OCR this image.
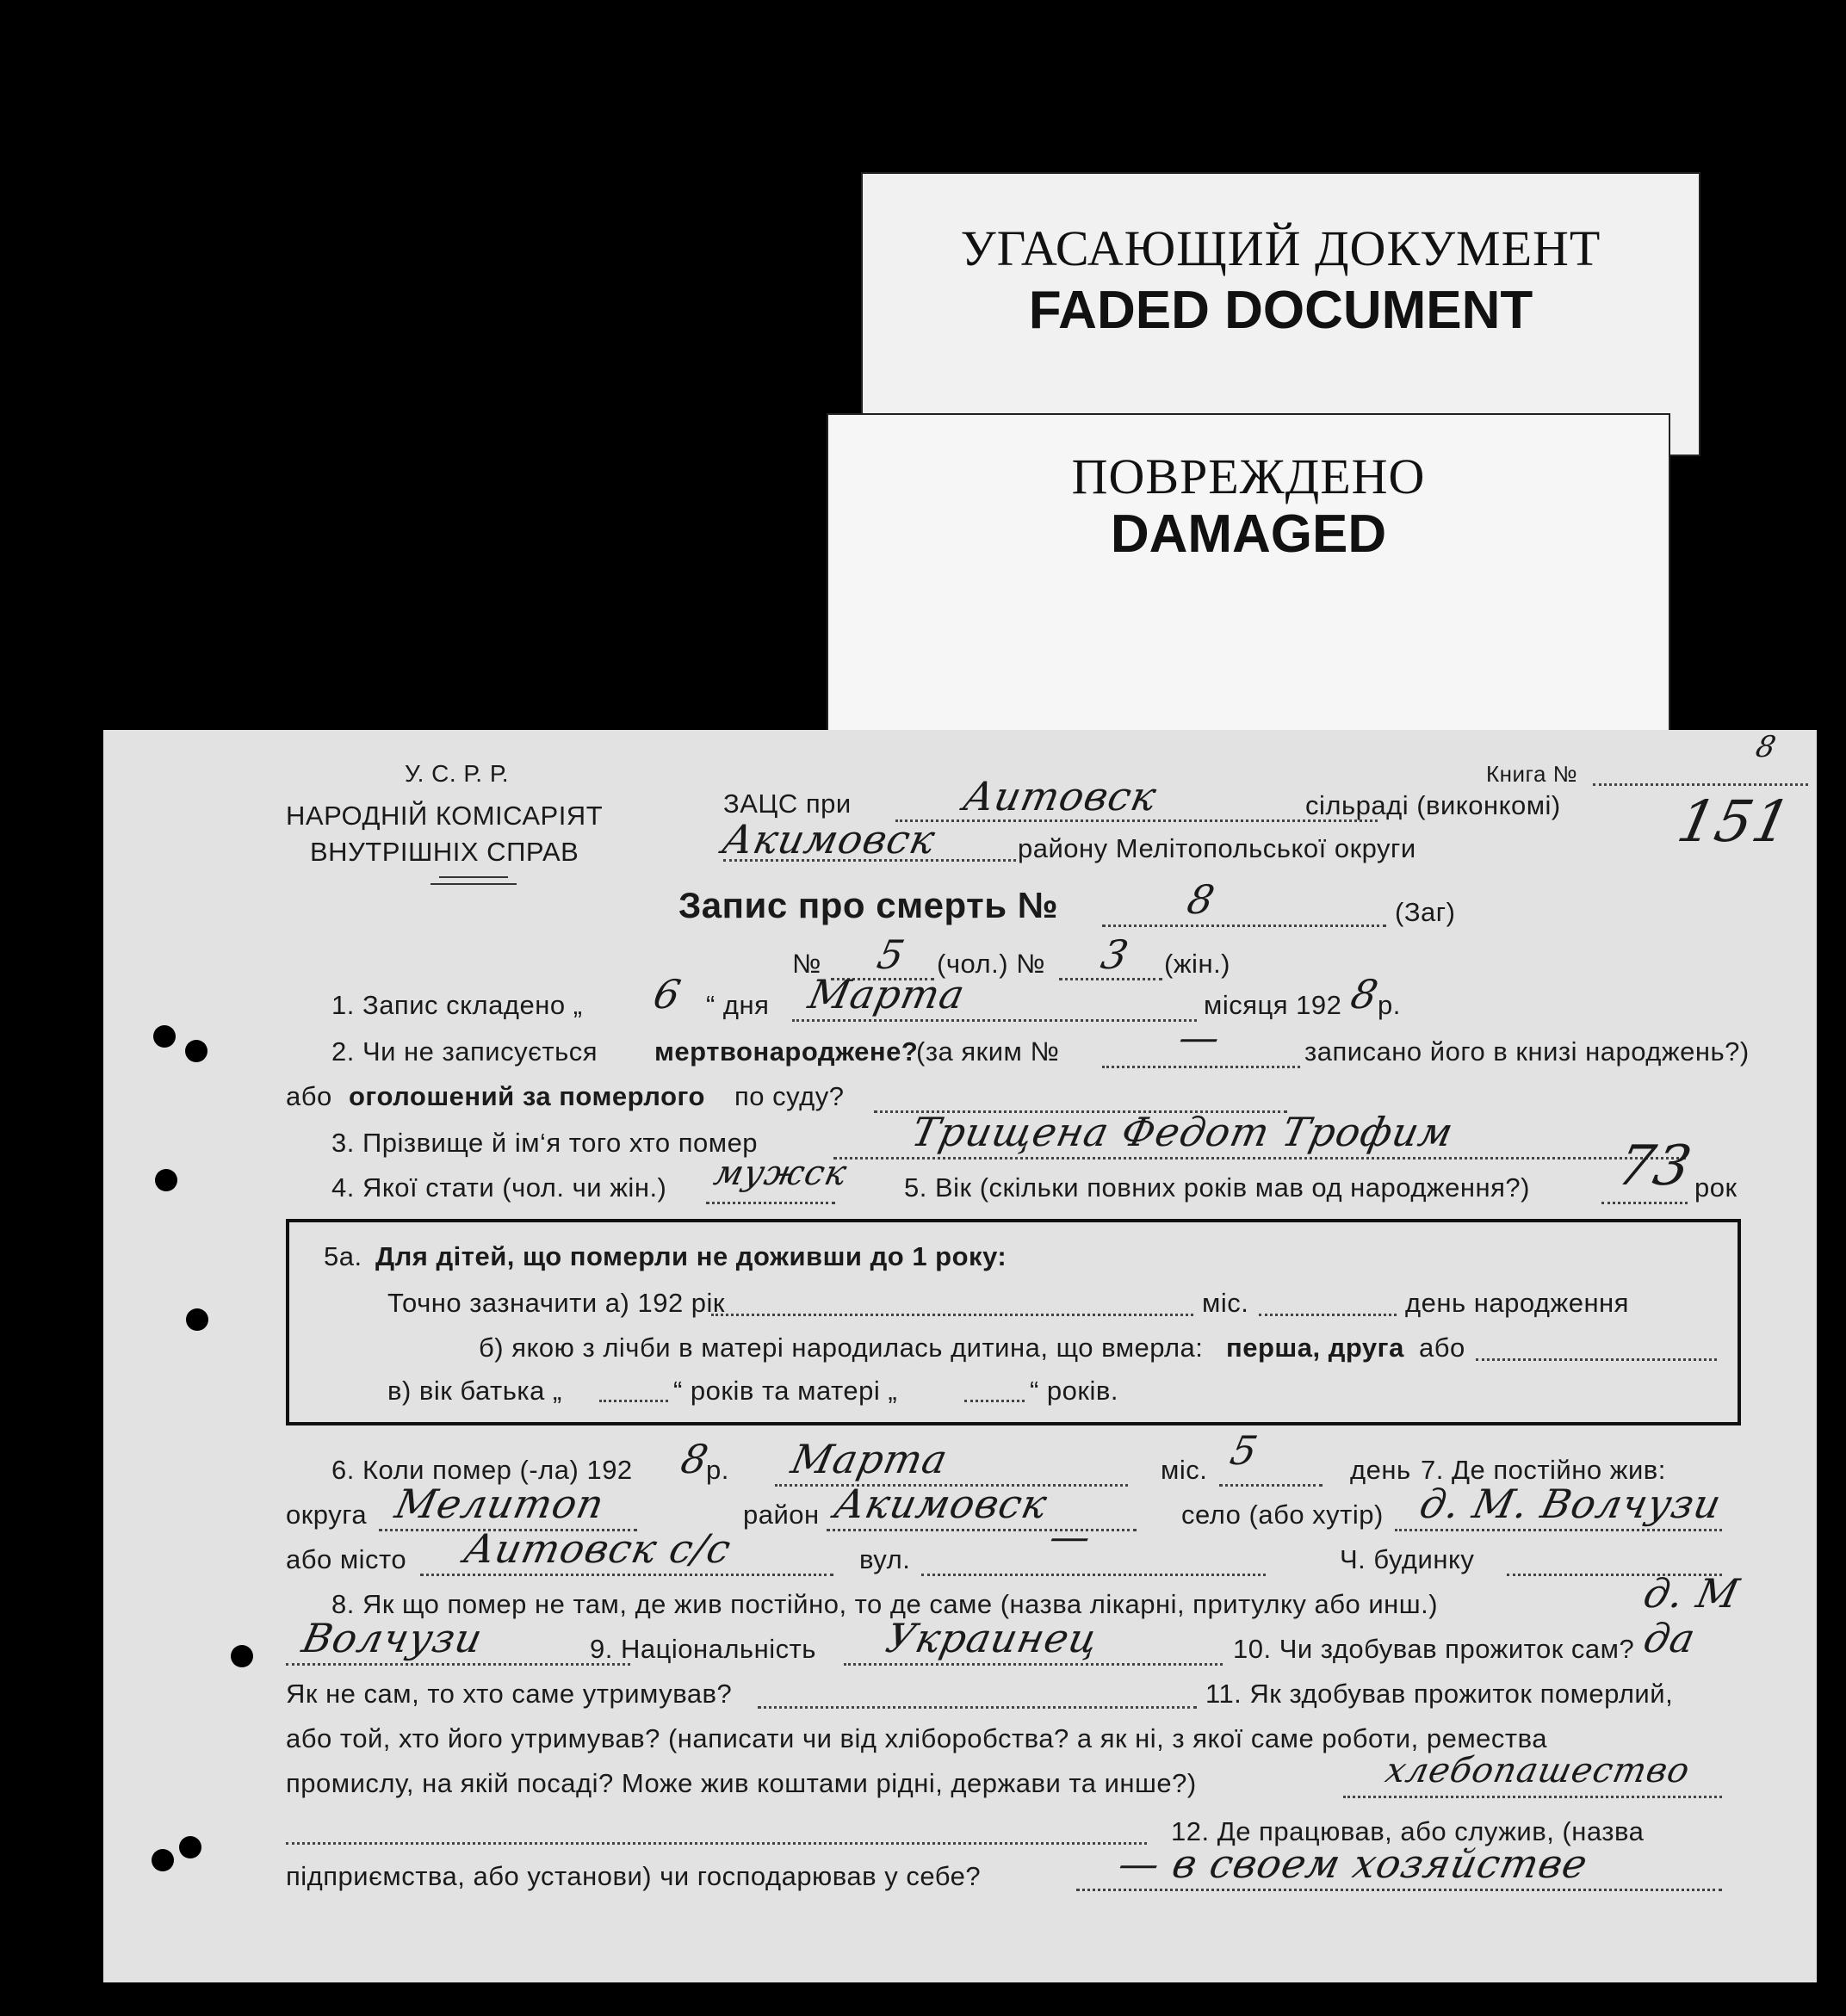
УГАСАЮЩИЙ ДОКУМЕНТ
FADED DOCUMENT
ПОВРЕЖДЕНО
DAMAGED
У. С. Р. Р.
НАРОДНІЙ КОМІСАРІЯТ
ВНУТРІШНІХ СПРАВ
ЗАЦС при	Аитовск	сільраді (виконкомі)
Акимовск	району Мелітопольської округи
Книга №
8
151
Запис про смерть №	8	(Заг)
№ 5 (чол.) № 3 (жін.)
1. Запис складено „ 6 “ дня Марта	місяця 192 8
р.
2. Чи не записується мертвонароджене?
(за яким №	—	записано його в книзі народжень?)
або оголошений за померлого по суду?
3. Прізвище й ім‘я того хто помер	Трищена Федот Трофим
4. Якої стати (чол. чи жін.) мужск 5. Вік (скільки повних років мав од народження?) 73
рок
5а. Для дітей, що померли не доживши до 1 року:
Точно зазначити а) 192 рік	міс.	день народження
б) якою з лічби в матері народилась дитина, що вмерла: перша, друга або
в) вік батька „	“ років та матері „	“ років.
6. Коли помер (-ла) 192 8
р. Марта	міс. 5	день 7. Де постійно жив:
округа Мелитоп	район Акимовск	село (або хутір) д. М. Волчузи
або місто Аитовск с/с	вул.	—	Ч. будинку
8. Як що помер не там, де жив постійно, то де саме (назва лікарні, притулку або инш.)	д. М
Волчузи	9. Національність Украинец	10. Чи здобував прожиток сам? да
Як не сам, то хто саме утримував?	11. Як здобував прожиток померлий,
або той, хто його утримував? (написати чи від хліборобства? а як ні, з якої саме роботи, ремества
промислу, на якій посаді? Може жив коштами рідні, держави та инше?)	хлебопашество
12. Де працював, або служив, (назва
підприємства, або установи) чи господарював у себе?	— в своем хозяйстве
